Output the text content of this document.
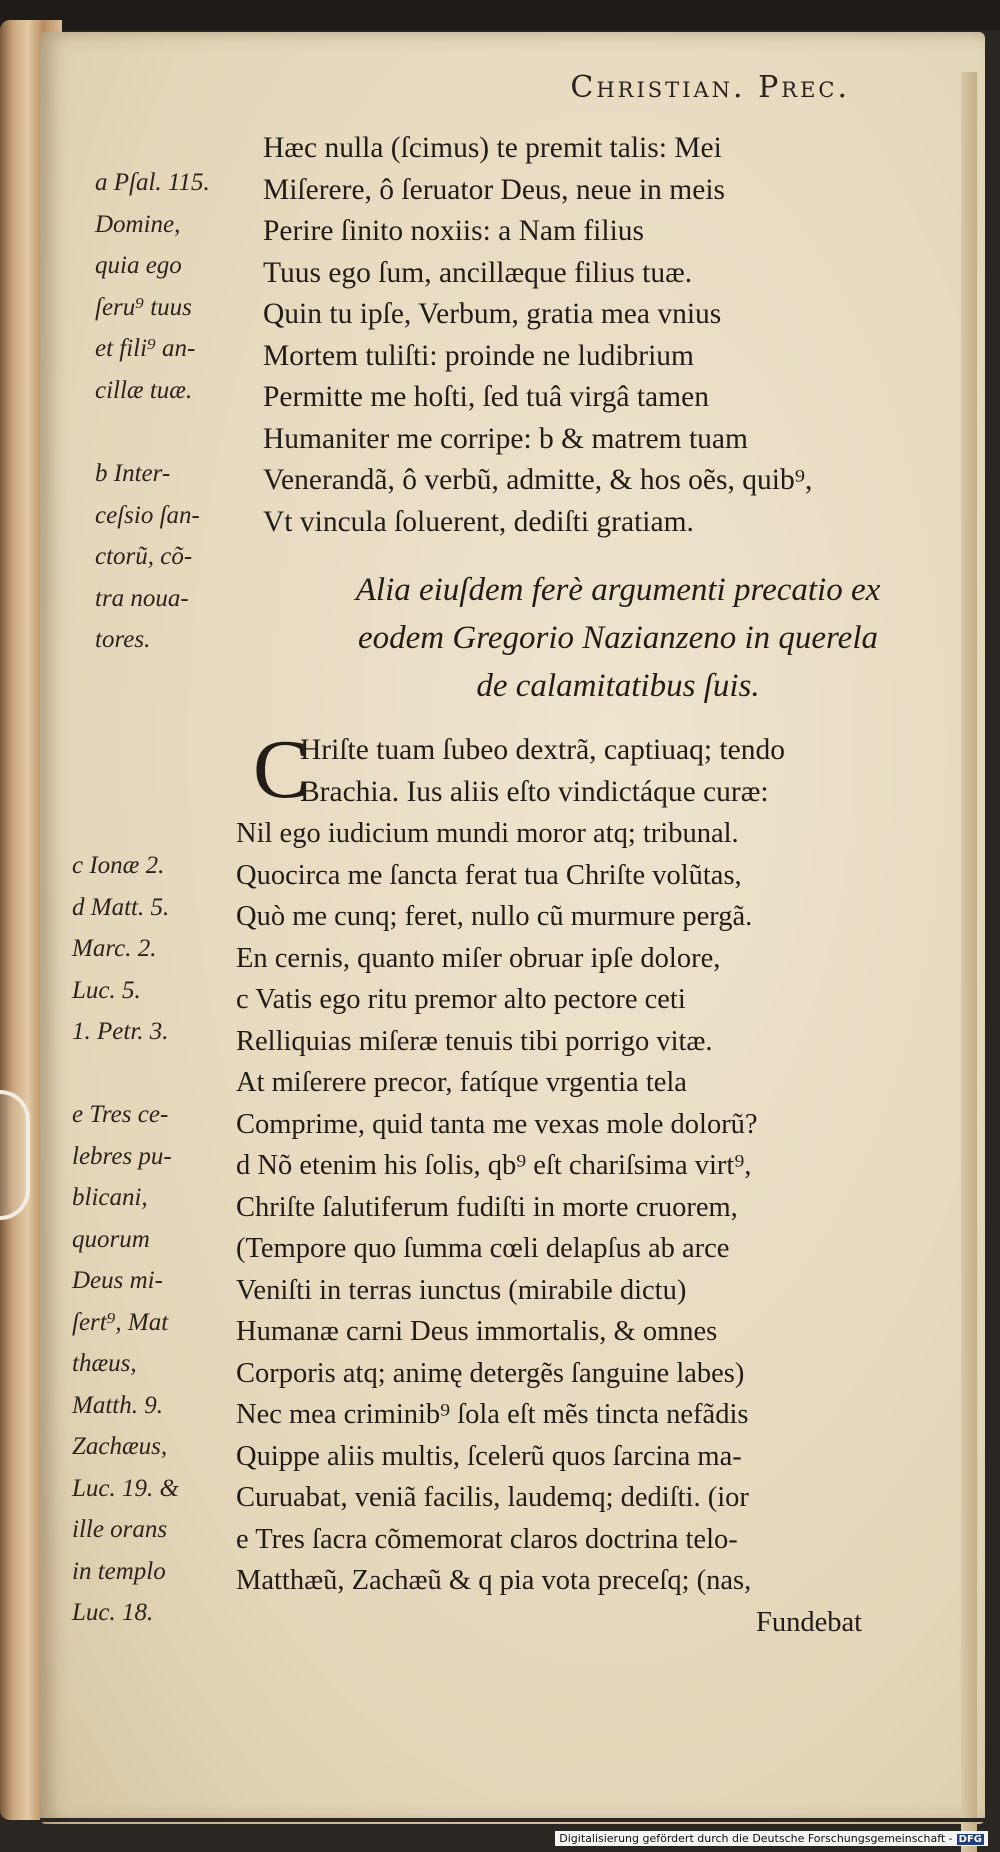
Christian. Prec.
Hæc nulla (ſcimus) te premit talis: Mei
Miſerere, ô ſeruator Deus, neue in meis
Perire ſinito noxiis: a Nam filius
Tuus ego ſum, ancillæque filius tuæ.
Quin tu ipſe, Verbum, gratia mea vnius
Mortem tuliſti: proinde ne ludibrium
Permitte me hoſti, ſed tuâ virgâ tamen
Humaniter me corripe: b & matrem tuam
Venerandã, ô verbũ, admitte, & hos oẽs, quib⁹,
Vt vincula ſoluerent, dediſti gratiam.
a Pſal. 115.
Domine,
quia ego
ſeru⁹ tuus
et fili⁹ an-
cillæ tuæ.
b Inter-
ceſsio ſan-
ctorũ, cõ-
tra noua-
tores.
Alia eiuſdem ferè argumenti precatio ex
eodem Gregorio Nazianzeno in querela
de calamitatibus ſuis.
C
Hriſte tuam ſubeo dextrã, captiuaq; tendo
Brachia. Ius aliis eſto vindictáque curæ:
Nil ego iudicium mundi moror atq; tribunal.
Quocirca me ſancta ferat tua Chriſte volũtas,
Quò me cunq; feret, nullo cũ murmure pergã.
En cernis, quanto miſer obruar ipſe dolore,
c Vatis ego ritu premor alto pectore ceti
Relliquias miſeræ tenuis tibi porrigo vitæ.
At miſerere precor, fatíque vrgentia tela
Comprime, quid tanta me vexas mole dolorũ?
d Nõ etenim his ſolis, qb⁹ eſt chariſsima virt⁹,
Chriſte ſalutiferum fudiſti in morte cruorem,
(Tempore quo ſumma cœli delapſus ab arce
Veniſti in terras iunctus (mirabile dictu)
Humanæ carni Deus immortalis, & omnes
Corporis atq; animę detergẽs ſanguine labes)
Nec mea criminib⁹ ſola eſt mẽs tincta nefãdis
Quippe aliis multis, ſcelerũ quos ſarcina ma-
Curuabat, veniã facilis, laudemq; dediſti. (ior
e Tres ſacra cõmemorat claros doctrina telo-
Matthæũ, Zachæũ & q pia vota preceſq; (nas,
Fundebat
c Ionæ 2.
d Matt. 5.
Marc. 2.
Luc. 5.
1. Petr. 3.
e Tres ce-
lebres pu-
blicani,
quorum
Deus mi-
ſert⁹, Mat
thæus,
Matth. 9.
Zachæus,
Luc. 19. &
ille orans
in templo
Luc. 18.
Digitalisierung gefördert durch die Deutsche Forschungsgemeinschaft - DFG
